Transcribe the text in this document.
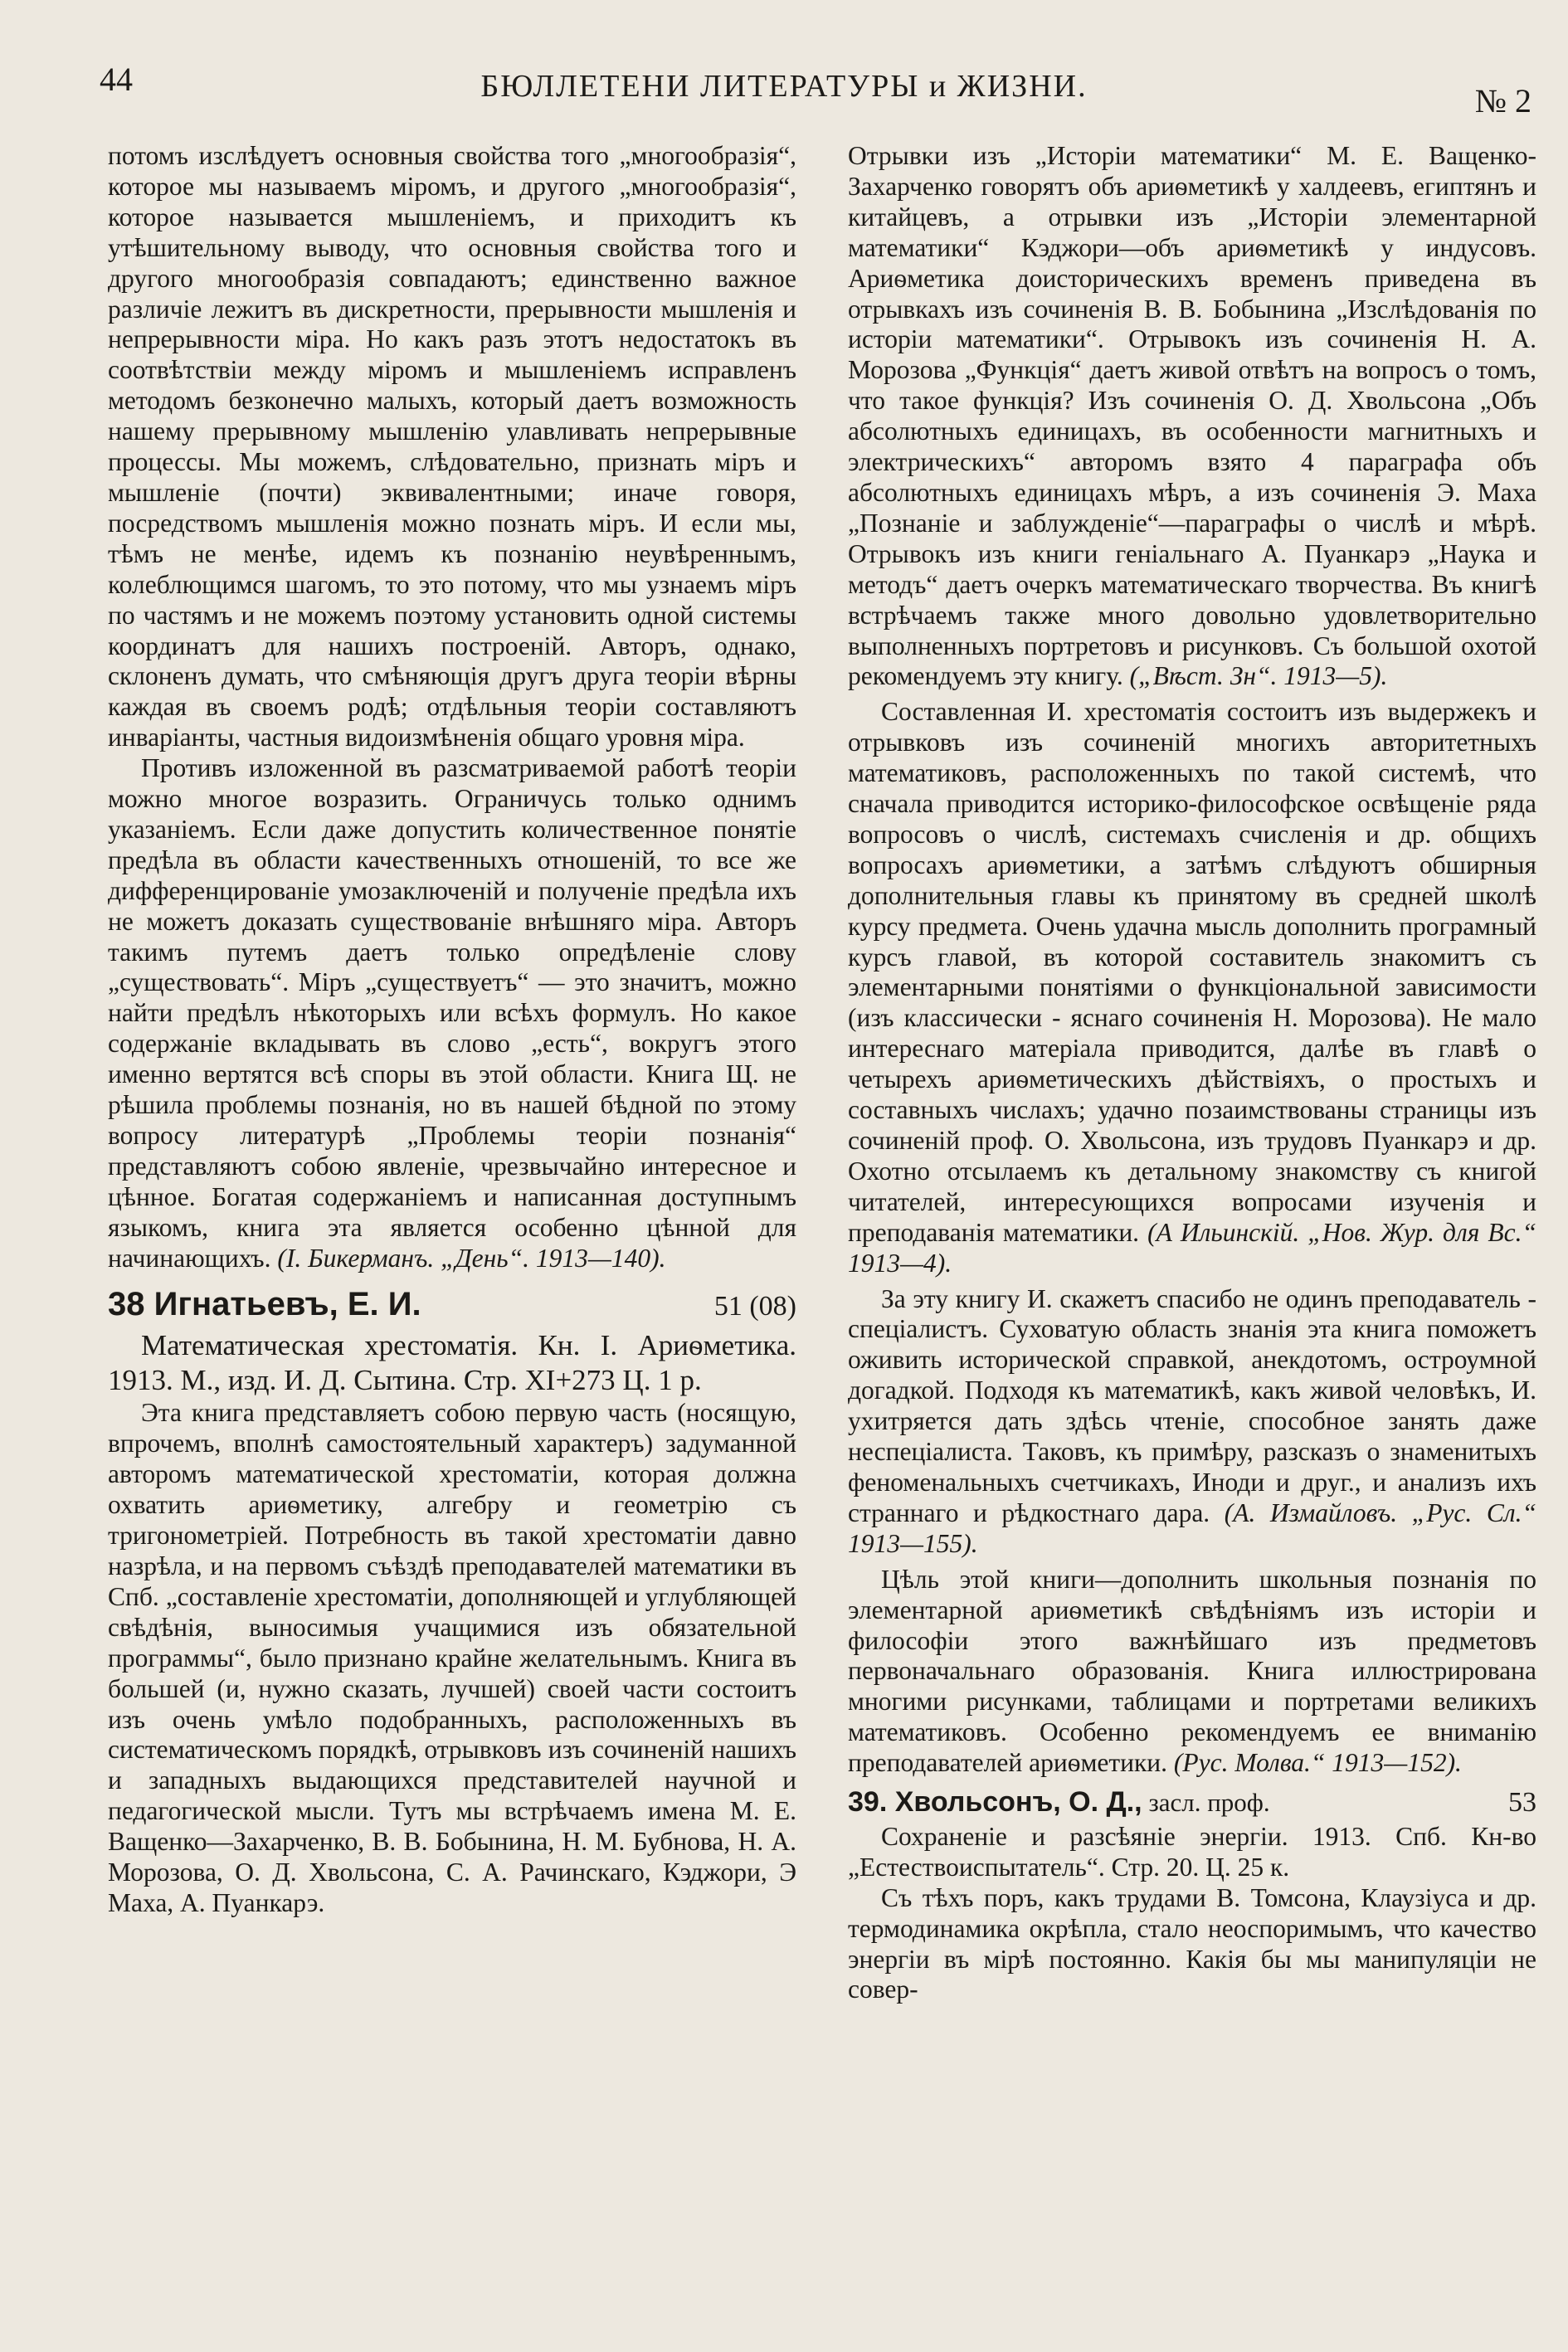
44	БЮЛЛЕТЕНИ ЛИТЕРАТУРЫ и ЖИЗНИ.	№ 2

потомъ изслѣдуетъ основныя свойства того „многообразія“, которое мы называемъ міромъ, и другого „многообразія“, которое называется мышленіемъ, и приходитъ къ утѣшительному выводу, что основныя свойства того и другого многообразія совпадаютъ; единственно важное различіе лежитъ въ дискретности, прерывности мышленія и непрерывности міра. Но какъ разъ этотъ недостатокъ въ соотвѣтствіи между міромъ и мышленіемъ исправленъ методомъ безконечно малыхъ, который даетъ возможность нашему прерывному мышленію улавливать непрерывные процессы. Мы можемъ, слѣдовательно, признать міръ и мышленіе (почти) эквивалентными; иначе говоря, посредствомъ мышленія можно познать міръ. И если мы, тѣмъ не менѣе, идемъ къ познанію неувѣреннымъ, колеблющимся шагомъ, то это потому, что мы узнаемъ міръ по частямъ и не можемъ поэтому установить одной системы координатъ для нашихъ построеній. Авторъ, однако, склоненъ думать, что смѣняющія другъ друга теоріи вѣрны каждая въ своемъ родѣ; отдѣльныя теоріи составляютъ инваріанты, частныя видоизмѣненія общаго уровня міра.

Противъ изложенной въ разсматриваемой работѣ теоріи можно многое возразить. Ограничусь только однимъ указаніемъ. Если даже допустить количественное понятіе предѣла въ области качественныхъ отношеній, то все же дифференцированіе умозаключеній и полученіе предѣла ихъ не можетъ доказать существованіе внѣшняго міра. Авторъ такимъ путемъ даетъ только опредѣленіе слову „существовать“. Міръ „существуетъ“ — это значитъ, можно найти предѣлъ нѣкоторыхъ или всѣхъ формулъ. Но какое содержаніе вкладывать въ слово „есть“, вокругъ этого именно вертятся всѣ споры въ этой области. Книга Щ. не рѣшила проблемы познанія, но въ нашей бѣдной по этому вопросу литературѣ „Проблемы теоріи познанія“ представляютъ собою явленіе, чрезвычайно интересное и цѣнное. Богатая содержаніемъ и написанная доступнымъ языкомъ, книга эта является особенно цѣнной для начинающихъ. (І. Бикерманъ. „День“. 1913—140).

38 Игнатьевъ, Е. И.	51 (08)

Математическая хрестоматія. Кн. І. Ариѳметика. 1913. М., изд. И. Д. Сытина. Стр. XI+273 Ц. 1 р.

Эта книга представляетъ собою первую часть (носящую, впрочемъ, вполнѣ самостоятельный характеръ) задуманной авторомъ математической хрестоматіи, которая должна охватить ариѳметику, алгебру и геометрію съ тригонометріей. Потребность въ такой хрестоматіи давно назрѣла, и на первомъ съѣздѣ преподавателей математики въ Спб. „составленіе хрестоматіи, дополняющей и углубляющей свѣдѣнія, выносимыя учащимися изъ обязательной программы“, было признано крайне желательнымъ. Книга въ большей (и, нужно сказать, лучшей) своей части состоитъ изъ очень умѣло подобранныхъ, расположенныхъ въ систематическомъ порядкѣ, отрывковъ изъ сочиненій нашихъ и западныхъ выдающихся представителей научной и педагогической мысли. Тутъ мы встрѣчаемъ имена М. Е. Ващенко—Захарченко, В. В. Бобынина, Н. М. Бубнова, Н. А. Морозова, О. Д. Хвольсона, С. А. Рачинскаго, Кэджори, Э Маха, А. Пуанкарэ.

Отрывки изъ „Исторіи математики“ М. Е. Ващенко-Захарченко говорятъ объ ариѳметикѣ у халдеевъ, египтянъ и китайцевъ, а отрывки изъ „Исторіи элементарной математики“ Кэджори—объ ариѳметикѣ у индусовъ. Ариѳметика доисторическихъ временъ приведена въ отрывкахъ изъ сочиненія В. В. Бобынина „Изслѣдованія по исторіи математики“. Отрывокъ изъ сочиненія Н. А. Морозова „Функція“ даетъ живой отвѣтъ на вопросъ о томъ, что такое функція? Изъ сочиненія О. Д. Хвольсона „Объ абсолютныхъ единицахъ, въ особенности магнитныхъ и электрическихъ“ авторомъ взято 4 параграфа объ абсолютныхъ единицахъ мѣръ, а изъ сочиненія Э. Маха „Познаніе и заблужденіе“—параграфы о числѣ и мѣрѣ. Отрывокъ изъ книги геніальнаго А. Пуанкарэ „Наука и методъ“ даетъ очеркъ математическаго творчества. Въ книгѣ встрѣчаемъ также много довольно удовлетворительно выполненныхъ портретовъ и рисунковъ. Съ большой охотой рекомендуемъ эту книгу. („Вѣст. Зн“. 1913—5).

Составленная И. хрестоматія состоитъ изъ выдержекъ и отрывковъ изъ сочиненій многихъ авторитетныхъ математиковъ, расположенныхъ по такой системѣ, что сначала приводится историко-философское освѣщеніе ряда вопросовъ о числѣ, системахъ счисленія и др. общихъ вопросахъ ариѳметики, а затѣмъ слѣдуютъ обширныя дополнительныя главы къ принятому въ средней школѣ курсу предмета. Очень удачна мысль дополнить програмный курсъ главой, въ которой составитель знакомитъ съ элементарными понятіями о функціональной зависимости (изъ классически - яснаго сочиненія Н. Морозова). Не мало интереснаго матеріала приводится, далѣе въ главѣ о четырехъ ариѳметическихъ дѣйствіяхъ, о простыхъ и составныхъ числахъ; удачно позаимствованы страницы изъ сочиненій проф. О. Хвольсона, изъ трудовъ Пуанкарэ и др. Охотно отсылаемъ къ детальному знакомству съ книгой читателей, интересующихся вопросами изученія и преподаванія математики. (А Ильинскій. „Нов. Жур. для Вс.“ 1913—4).

За эту книгу И. скажетъ спасибо не одинъ преподаватель - спеціалистъ. Суховатую область знанія эта книга поможетъ оживить исторической справкой, анекдотомъ, остроумной догадкой. Подходя къ математикѣ, какъ живой человѣкъ, И. ухитряется дать здѣсь чтеніе, способное занять даже неспеціалиста. Таковъ, къ примѣру, разсказъ о знаменитыхъ феноменальныхъ счетчикахъ, Иноди и друг., и анализъ ихъ страннаго и рѣдкостнаго дара. (А. Измайловъ. „Рус. Сл.“ 1913—155).

Цѣль этой книги—дополнить школьныя познанія по элементарной ариѳметикѣ свѣдѣніямъ изъ исторіи и философіи этого важнѣйшаго изъ предметовъ первоначальнаго образованія. Книга иллюстрирована многими рисунками, таблицами и портретами великихъ математиковъ. Особенно рекомендуемъ ее вниманію преподавателей ариѳметики. (Рус. Молва.“ 1913—152).

39. Хвольсонъ, О. Д., засл. проф.	53

Сохраненіе и разсѣяніе энергіи. 1913. Спб. Кн-во „Естествоиспытатель“. Стр. 20. Ц. 25 к.

Съ тѣхъ поръ, какъ трудами В. Томсона, Клаузіуса и др. термодинамика окрѣпла, стало неоспоримымъ, что качество энергіи въ мірѣ постоянно. Какія бы мы манипуляціи не совер-
